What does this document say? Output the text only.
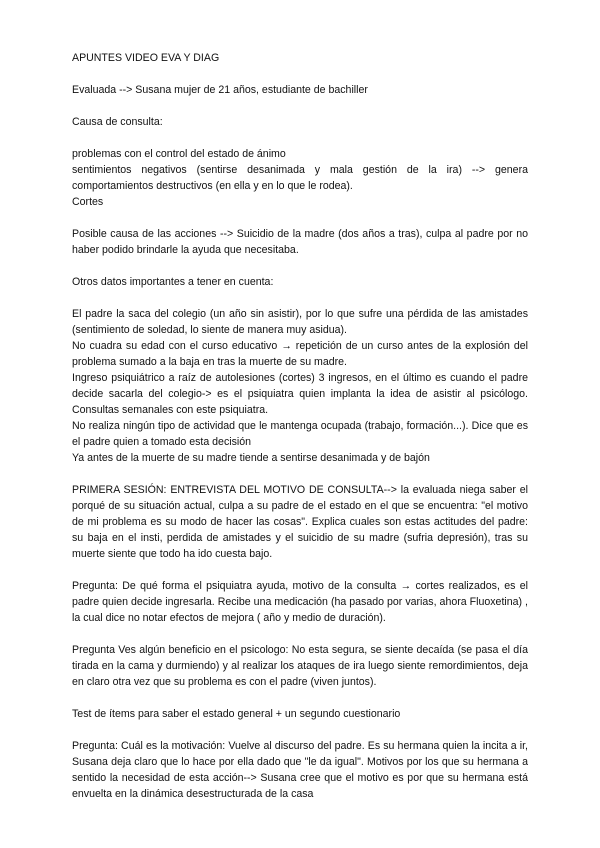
APUNTES VIDEO EVA Y DIAG

Evaluada --> Susana mujer de 21 años, estudiante de bachiller

Causa de consulta:

problemas con el control del estado de ánimo

sentimientos negativos (sentirse desanimada y mala gestión de la ira) --> genera comportamientos destructivos (en ella y en lo que le rodea).

Cortes

Posible causa de las acciones --> Suicidio de la madre (dos años a tras), culpa al padre por no haber podido brindarle la ayuda que necesitaba.

Otros datos importantes a tener en cuenta:

El padre la saca del colegio (un año sin asistir), por lo que sufre una pérdida de las amistades (sentimiento de soledad, lo siente de manera muy asidua).

No cuadra su edad con el curso educativo → repetición de un curso antes de la explosión del problema sumado a la baja en tras la muerte de su madre.

Ingreso psiquiátrico a raíz de autolesiones (cortes) 3 ingresos, en el último es cuando el padre decide sacarla del colegio-> es el psiquiatra quien implanta la idea de asistir al psicólogo. Consultas semanales con este psiquiatra.

No realiza ningún tipo de actividad que le mantenga ocupada (trabajo, formación...). Dice que es el padre quien a tomado esta decisión

Ya antes de la muerte de su madre tiende a sentirse desanimada y de bajón

PRIMERA SESIÓN: ENTREVISTA DEL MOTIVO DE CONSULTA--> la evaluada niega saber el porqué de su situación actual, culpa a su padre de el estado en el que se encuentra: "el motivo de mi problema es su modo de hacer las cosas". Explica cuales son estas actitudes del padre: su baja en el insti, perdida de amistades y el suicidio de su madre (sufria depresión), tras su muerte siente que todo ha ido cuesta bajo.

Pregunta: De qué forma el psiquiatra ayuda, motivo de la consulta → cortes realizados, es el padre quien decide ingresarla. Recibe una medicación (ha pasado por varias, ahora Fluoxetina) , la cual dice no notar efectos de mejora ( año y medio de duración).

Pregunta Ves algún beneficio en el psicologo: No esta segura, se siente decaída (se pasa el día tirada en la cama y durmiendo) y al realizar los ataques de ira luego siente remordimientos, deja en claro otra vez que su problema es con el padre (viven juntos).

Test de ítems para saber el estado general + un segundo cuestionario

Pregunta: Cuál es la motivación: Vuelve al discurso del padre. Es su hermana quien la incita a ir, Susana deja claro que lo hace por ella dado que "le da igual". Motivos por los que su hermana a sentido la necesidad de esta acción--> Susana cree que el motivo es por que su hermana está envuelta en la dinámica desestructurada de la casa
